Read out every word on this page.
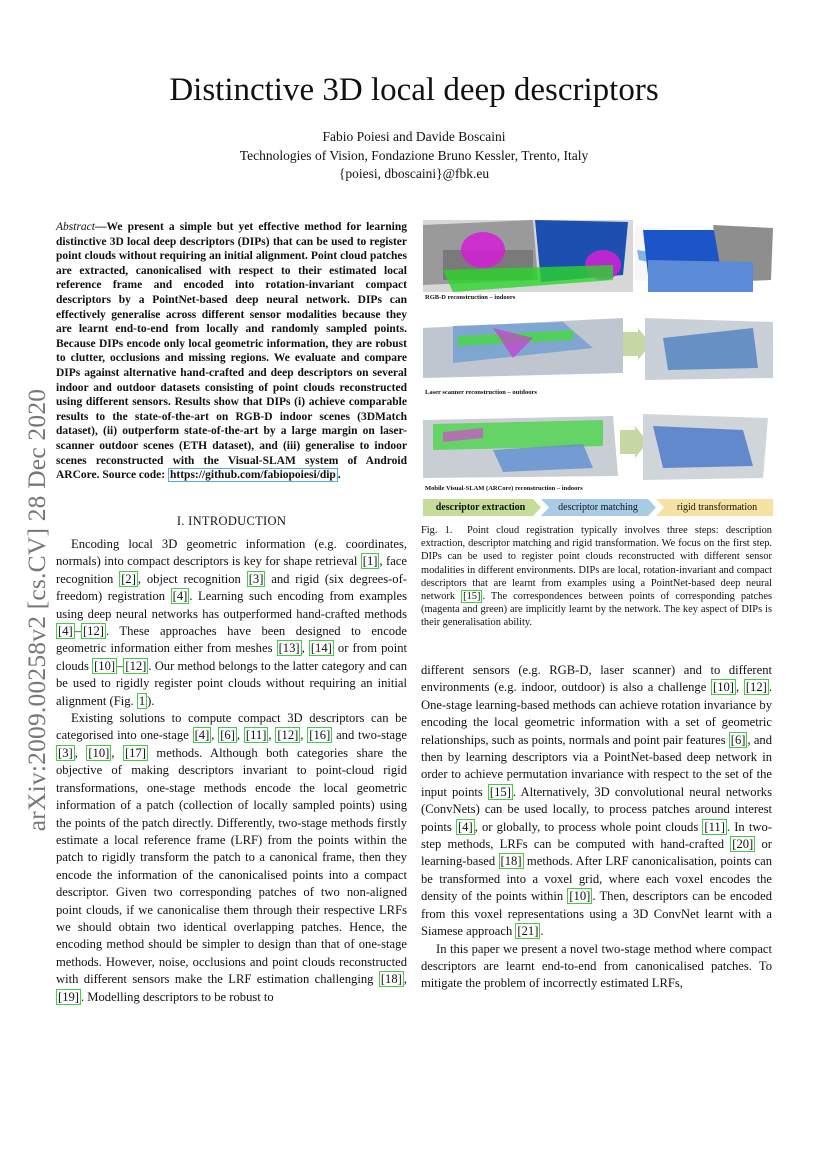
arXiv:2009.00258v2 [cs.CV] 28 Dec 2020
Distinctive 3D local deep descriptors
Fabio Poiesi and Davide Boscaini
Technologies of Vision, Fondazione Bruno Kessler, Trento, Italy
{poiesi, dboscaini}@fbk.eu
Abstract—We present a simple but yet effective method for learning distinctive 3D local deep descriptors (DIPs) that can be used to register point clouds without requiring an initial alignment. Point cloud patches are extracted, canonicalised with respect to their estimated local reference frame and encoded into rotation-invariant compact descriptors by a PointNet-based deep neural network. DIPs can effectively generalise across different sensor modalities because they are learnt end-to-end from locally and randomly sampled points. Because DIPs encode only local geometric information, they are robust to clutter, occlusions and missing regions. We evaluate and compare DIPs against alternative hand-crafted and deep descriptors on several indoor and outdoor datasets consisting of point clouds reconstructed using different sensors. Results show that DIPs (i) achieve comparable results to the state-of-the-art on RGB-D indoor scenes (3DMatch dataset), (ii) outperform state-of-the-art by a large margin on laser-scanner outdoor scenes (ETH dataset), and (iii) generalise to indoor scenes reconstructed with the Visual-SLAM system of Android ARCore. Source code: https://github.com/fabiopoiesi/dip .
I. INTRODUCTION

Encoding local 3D geometric information (e.g. coordinates, normals) into compact descriptors is key for shape retrieval [1] , face recognition [2] , object recognition [3] and rigid (six degrees-of-freedom) registration [4] . Learning such encoding from examples using deep neural networks has outperformed hand-crafted methods [4] – [12] . These approaches have been designed to encode geometric information either from meshes [13] , [14] or from point clouds [10] – [12] . Our method belongs to the latter category and can be used to rigidly register point clouds without requiring an initial alignment (Fig. 1 ).

Existing solutions to compute compact 3D descriptors can be categorised into one-stage [4] , [6] , [11] , [12] , [16] and two-stage [3] , [10] , [17] methods. Although both categories share the objective of making descriptors invariant to point-cloud rigid transformations, one-stage methods encode the local geometric information of a patch (collection of locally sampled points) using the points of the patch directly. Differently, two-stage methods firstly estimate a local reference frame (LRF) from the points within the patch to rigidly transform the patch to a canonical frame, then they encode the information of the canonicalised points into a compact descriptor. Given two corresponding patches of two non-aligned point clouds, if we canonicalise them through their respective LRFs we should obtain two identical overlapping patches. Hence, the encoding method should be simpler to design than that of one-stage methods. However, noise, occlusions and point clouds reconstructed with different sensors make the LRF estimation challenging [18] , [19] . Modelling descriptors to be robust to

RGB-D reconstruction – indoors
Laser scanner reconstruction – outdoors
Mobile Visual-SLAM (ARCore) reconstruction – indoors
descriptor extraction	descriptor matching	rigid transformation
Fig. 1. Point cloud registration typically involves three steps: description extraction, descriptor matching and rigid transformation. We focus on the first step. DIPs can be used to register point clouds reconstructed with different sensor modalities in different environments. DIPs are local, rotation-invariant and compact descriptors that are learnt from examples using a PointNet-based deep neural network [15] . The correspondences between points of corresponding patches (magenta and green) are implicitly learnt by the network. The key aspect of DIPs is their generalisation ability.

different sensors (e.g. RGB-D, laser scanner) and to different environments (e.g. indoor, outdoor) is also a challenge [10] , [12] . One-stage learning-based methods can achieve rotation invariance by encoding the local geometric information with a set of geometric relationships, such as points, normals and point pair features [6] , and then by learning descriptors via a PointNet-based deep network in order to achieve permutation invariance with respect to the set of the input points [15] . Alternatively, 3D convolutional neural networks (ConvNets) can be used locally, to process patches around interest points [4] , or globally, to process whole point clouds [11] . In two-step methods, LRFs can be computed with hand-crafted [20] or learning-based [18] methods. After LRF canonicalisation, points can be transformed into a voxel grid, where each voxel encodes the density of the points within [10] . Then, descriptors can be encoded from this voxel representations using a 3D ConvNet learnt with a Siamese approach [21] .

In this paper we present a novel two-stage method where compact descriptors are learnt end-to-end from canonicalised patches. To mitigate the problem of incorrectly estimated LRFs,
